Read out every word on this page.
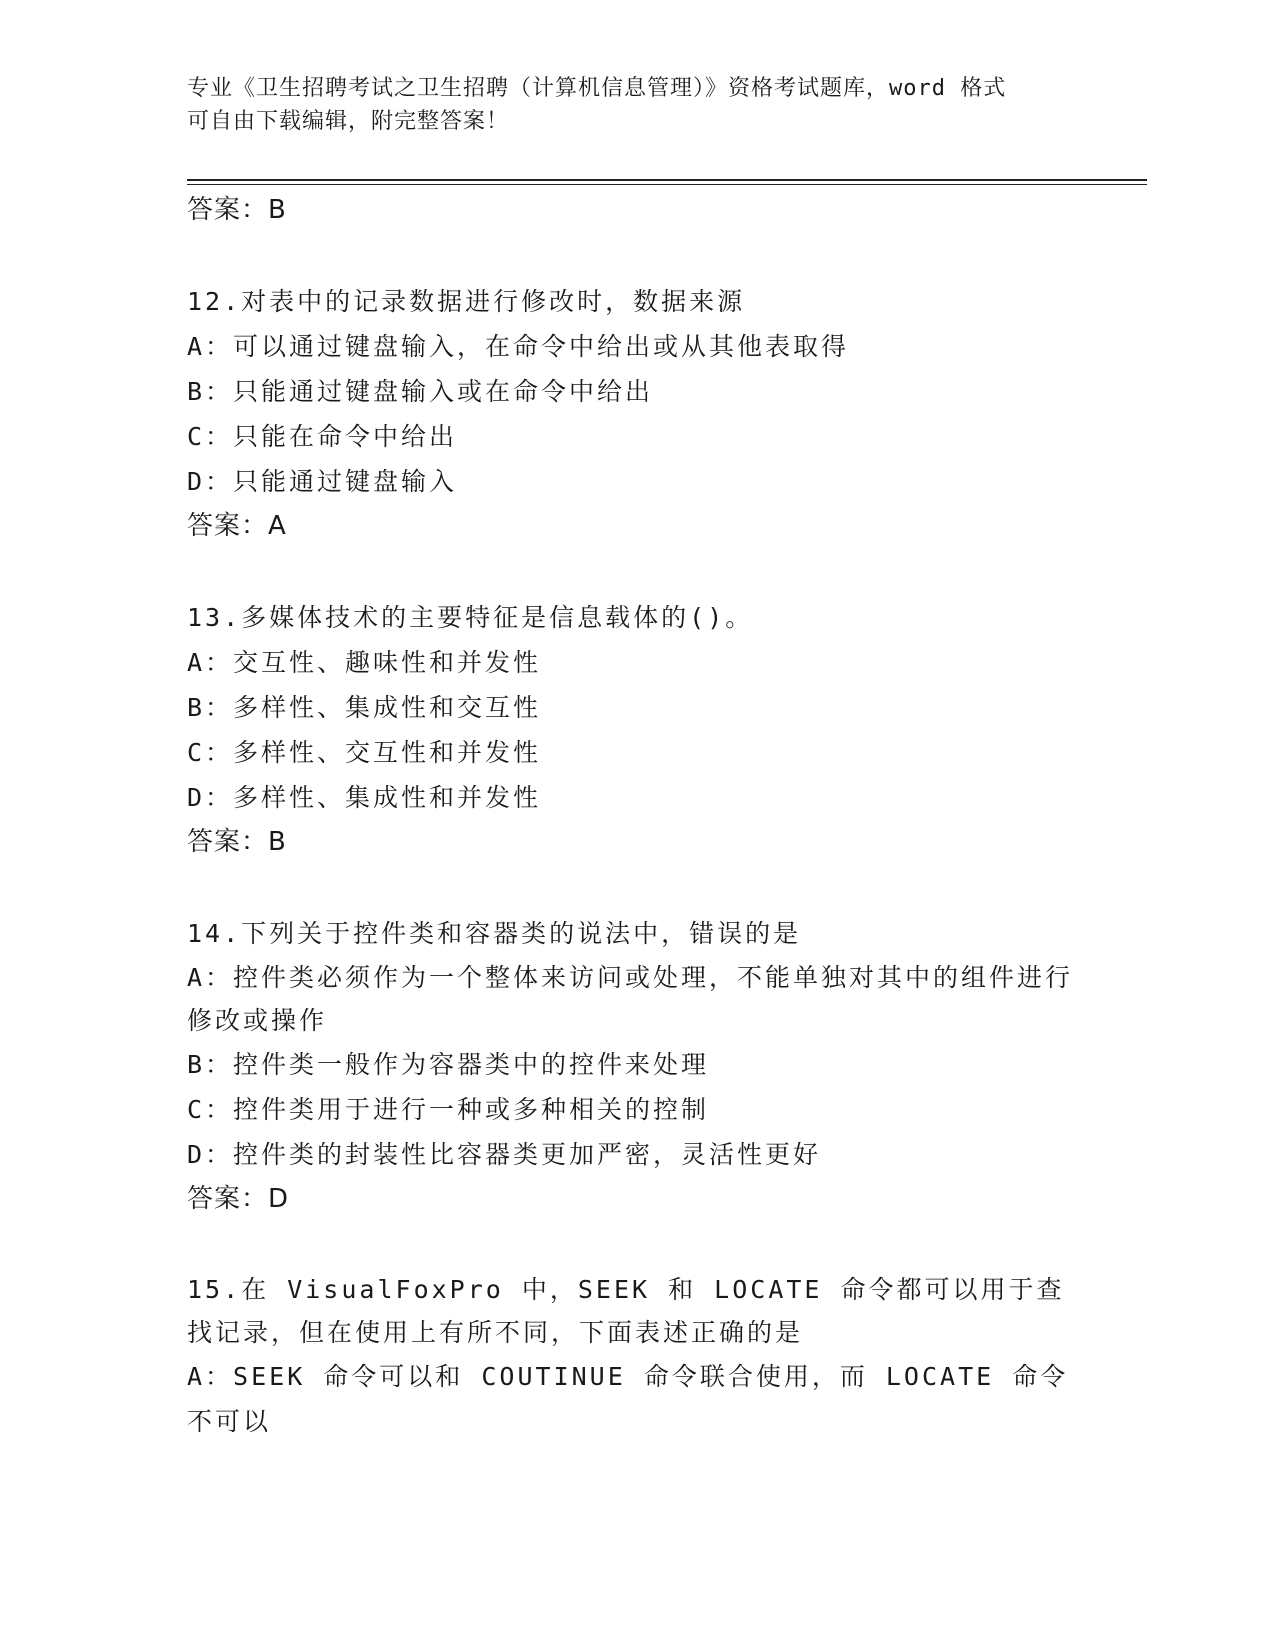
专业《卫生招聘考试之卫生招聘（计算机信息管理）》资格考试题库，word 格式
可自由下载编辑，附完整答案！
答案：B
12.对表中的记录数据进行修改时，数据来源
A：可以通过键盘输入，在命令中给出或从其他表取得
B：只能通过键盘输入或在命令中给出
C：只能在命令中给出
D：只能通过键盘输入
答案：A
13.多媒体技术的主要特征是信息载体的()。
A：交互性、趣味性和并发性
B：多样性、集成性和交互性
C：多样性、交互性和并发性
D：多样性、集成性和并发性
答案：B
14.下列关于控件类和容器类的说法中，错误的是
A：控件类必须作为一个整体来访问或处理，不能单独对其中的组件进行修改或操作
B：控件类一般作为容器类中的控件来处理
C：控件类用于进行一种或多种相关的控制
D：控件类的封装性比容器类更加严密，灵活性更好
答案：D
15.在 VisualFoxPro 中，SEEK 和 LOCATE 命令都可以用于查找记录，但在使用上有所不同，下面表述正确的是
A：SEEK 命令可以和 COUTINUE 命令联合使用，而 LOCATE 命令不可以
